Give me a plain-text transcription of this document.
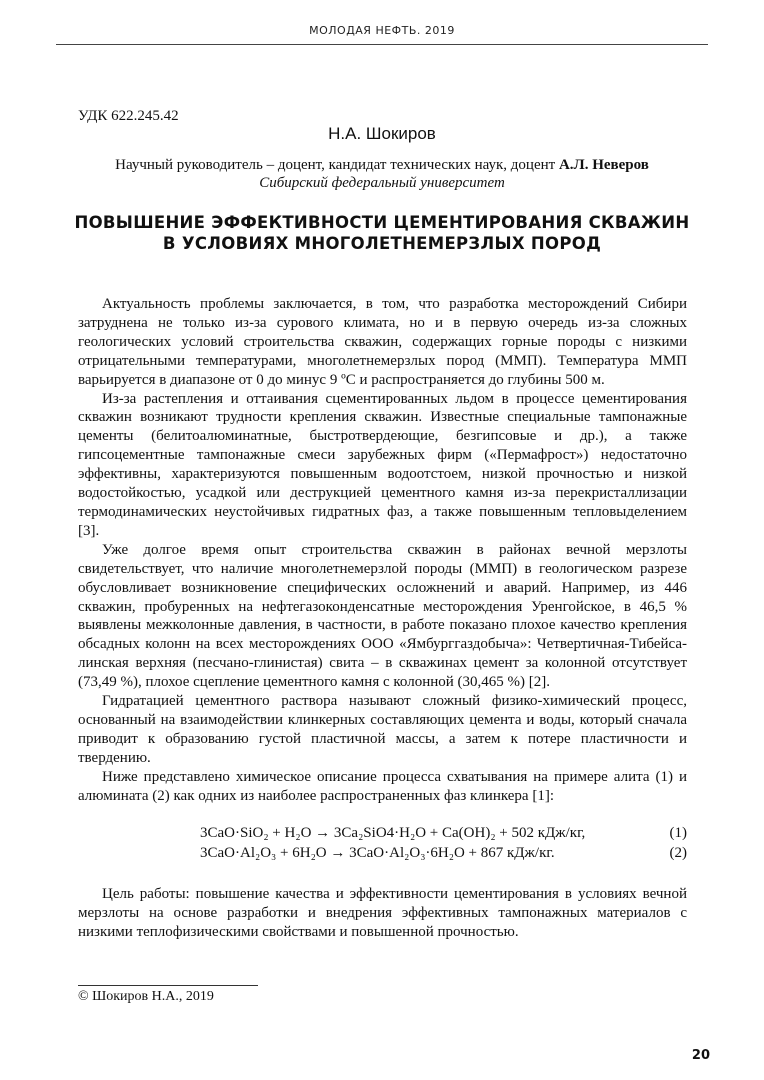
МОЛОДАЯ НЕФТЬ. 2019
УДК 622.245.42
Н.А. Шокиров
Научный руководитель – доцент, кандидат технических наук, доцент А.Л. Неверов
Сибирский федеральный университет
ПОВЫШЕНИЕ ЭФФЕКТИВНОСТИ ЦЕМЕНТИРОВАНИЯ СКВАЖИН
В УСЛОВИЯХ МНОГОЛЕТНЕМЕРЗЛЫХ ПОРОД

Актуальность проблемы заключается, в том, что разработка месторождений Сибири затруднена не только из-за сурового климата, но и в первую очередь из-за сложных геологических условий строительства скважин, содержащих горные породы с низкими отрицательными температурами, многолетнемерзлых пород (ММП). Температура ММП варьируется в диапазоне от 0 до минус 9 ºС и распространяется до глубины 500 м.

Из-за растепления и оттаивания сцементированных льдом в процессе цементирования скважин возникают трудности крепления скважин. Известные специальные тампонажные цементы (белитоалюминатные, быстротвердеющие, безгипсовые и др.), а также гипсоцементные тампонажные смеси зарубежных фирм («Пермафрост») недостаточно эффективны, характеризуются повышенным водоотстоем, низкой прочностью и низкой водостойкостью, усадкой или деструкцией цементного камня из-за перекристаллизации термодинамических неустойчивых гидратных фаз, а также повышенным тепловыделением [3].

Уже долгое время опыт строительства скважин в районах вечной мерзлоты свидетельствует, что наличие многолетнемерзлой породы (ММП) в геологическом разрезе обусловливает возникновение специфических осложнений и аварий. Например, из 446 скважин, пробуренных на нефтегазоконденсатные месторождения Уренгойское, в 46,5 % выявлены межколонные давления, в частности, в работе показано плохое качество крепления обсадных колонн на всех месторождениях ООО «Ямбурггаздобыча»: Четвертичная-Тибейса-линская верхняя (песчано-глинистая) свита – в скважинах цемент за колонной отсутствует (73,49 %), плохое сцепление цементного камня с колонной (30,465 %) [2].

Гидратацией цементного раствора называют сложный физико-химический процесс, основанный на взаимодействии клинкерных составляющих цемента и воды, который сначала приводит к образованию густой пластичной массы, а затем к потере пластичности и твердению.

Ниже представлено химическое описание процесса схватывания на примере алита (1) и алюмината (2) как одних из наиболее распространенных фаз клинкера [1]:

3CaO·SiO₂ + H₂O → 3Ca₂SiO4·H₂O + Ca(OH)₂ + 502 кДж/кг,	(1)
3CaO·Al₂O₃ + 6H₂O → 3CaO·Al₂O₃·6H₂O + 867 кДж/кг.	(2)

Цель работы: повышение качества и эффективности цементирования в условиях вечной мерзлоты на основе разработки и внедрения эффективных тампонажных материалов с низкими теплофизическими свойствами и повышенной прочностью.

© Шокиров Н.А., 2019
20
